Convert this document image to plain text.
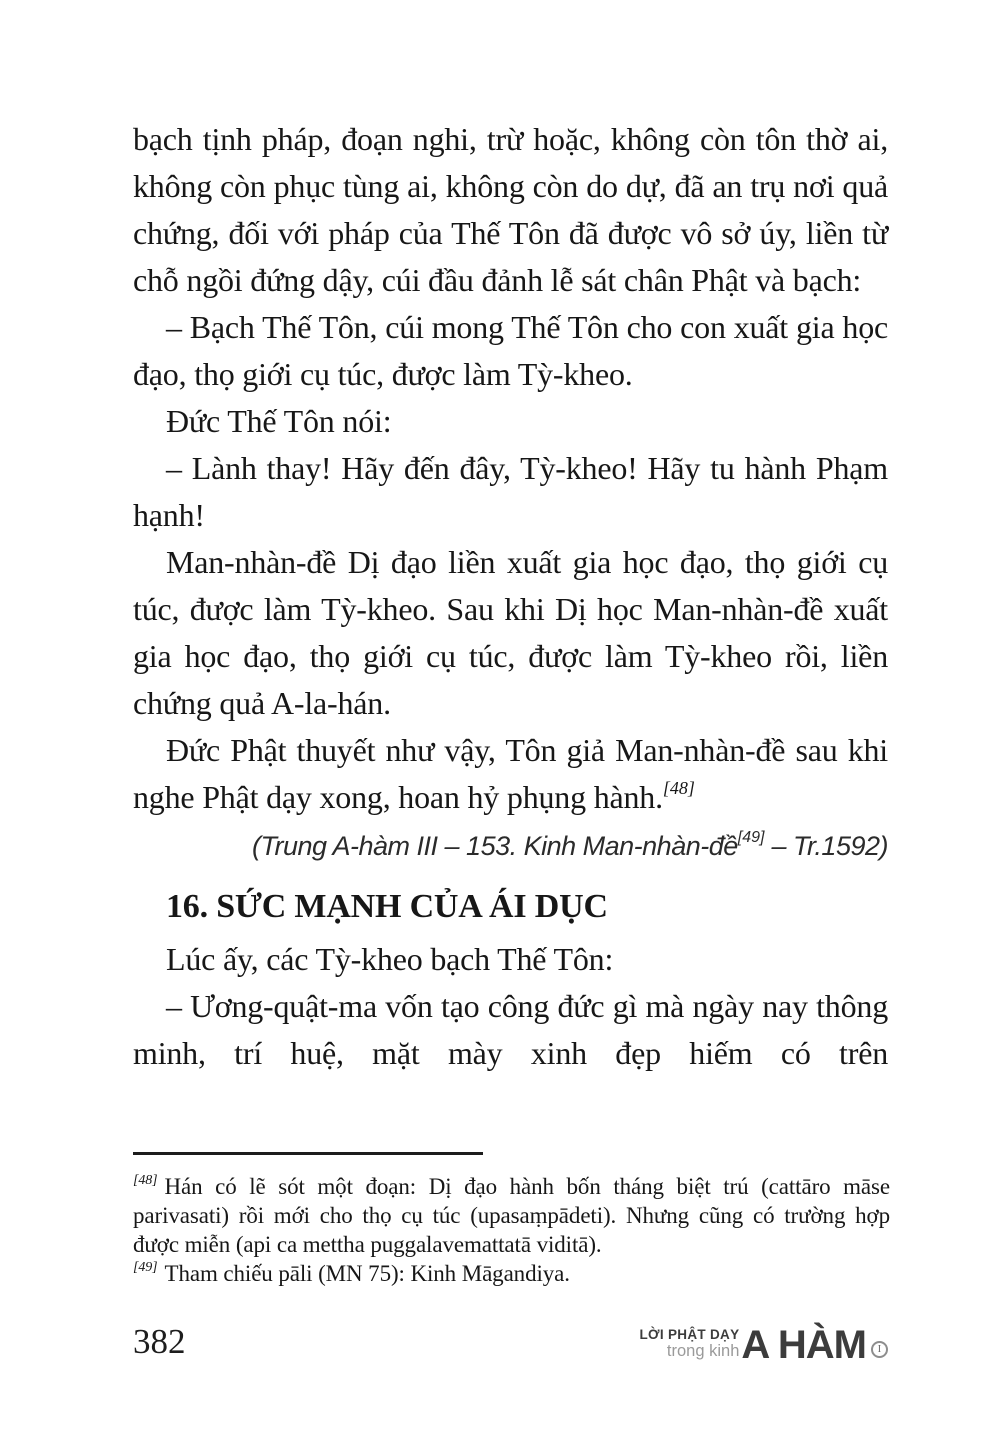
bạch tịnh pháp, đoạn nghi, trừ hoặc, không còn tôn thờ ai, không còn phục tùng ai, không còn do dự, đã an trụ nơi quả chứng, đối với pháp của Thế Tôn đã được vô sở úy, liền từ chỗ ngồi đứng dậy, cúi đầu đảnh lễ sát chân Phật và bạch:

– Bạch Thế Tôn, cúi mong Thế Tôn cho con xuất gia học đạo, thọ giới cụ túc, được làm Tỳ-kheo.

Đức Thế Tôn nói:

– Lành thay! Hãy đến đây, Tỳ-kheo! Hãy tu hành Phạm hạnh!

Man-nhàn-đề Dị đạo liền xuất gia học đạo, thọ giới cụ túc, được làm Tỳ-kheo. Sau khi Dị học Man-nhàn-đề xuất gia học đạo, thọ giới cụ túc, được làm Tỳ-kheo rồi, liền chứng quả A-la-hán.

Đức Phật thuyết như vậy, Tôn giả Man-nhàn-đề sau khi nghe Phật dạy xong, hoan hỷ phụng hành.[48]

(Trung A-hàm III – 153. Kinh Man-nhàn-đề[49] – Tr.1592)

16. SỨC MẠNH CỦA ÁI DỤC

Lúc ấy, các Tỳ-kheo bạch Thế Tôn:

– Ương-quật-ma vốn tạo công đức gì mà ngày nay thông minh, trí huệ, mặt mày xinh đẹp hiếm có trên

[48] Hán có lẽ sót một đoạn: Dị đạo hành bốn tháng biệt trú (cattāro māse parivasati) rồi mới cho thọ cụ túc (upasaṃpādeti). Nhưng cũng có trường hợp được miễn (api ca mettha puggalavemattatā viditā).

[49] Tham chiếu pāli (MN 75): Kinh Māgandiya.

382	LỜI PHẬT DẠY
trong kinh A HÀM I
